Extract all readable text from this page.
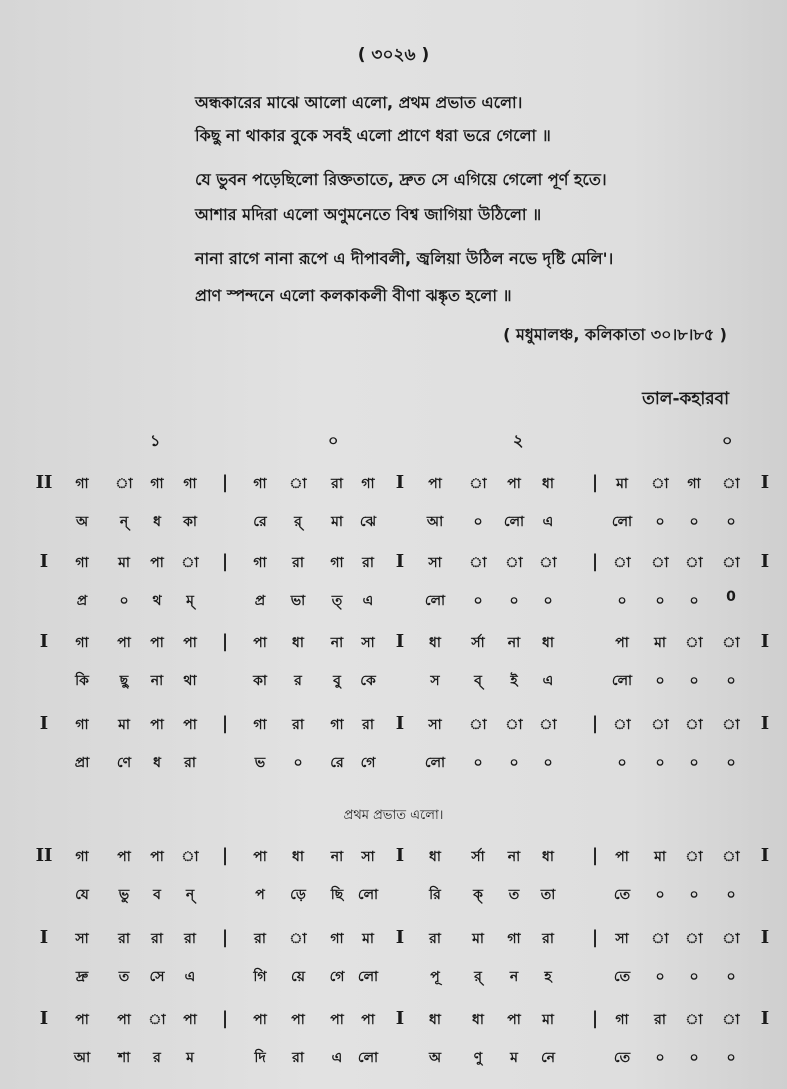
( ৩০২৬ )
অন্ধকারের মাঝে আলো এলো, প্রথম প্রভাত এলো।
কিছু না থাকার বুকে সবই এলো প্রাণে ধরা ভরে গেলো ॥
যে ভুবন পড়েছিলো রিক্ততাতে, দ্রুত সে এগিয়ে গেলো পূর্ণ হতে।
আশার মদিরা এলো অণুমনেতে বিশ্ব জাগিয়া উঠিলো ॥
নানা রাগে নানা রূপে এ দীপাবলী, জ্বলিয়া উঠিল নভে দৃষ্টি মেলি'।
প্রাণ স্পন্দনে এলো কলকাকলী বীণা ঝঙ্কৃত হলো ॥
( মধুমালঞ্চ, কলিকাতা ৩০।৮।৮৫ )
তাল-কহারবা
১	০	২	০
II গা া গা গা | গা া রা গা I পা া পা ধা | মা া গা া I
অ ন্ ধ কা	রে র্ মা ঝে	আ ০ লো এ	লো ০ ০ ০
I গা মা পা া | গা রা গা রা I সা া া া | া া া া I
প্র ০ থ ম্	প্র ভা ত্ এ	লো ০ ০ ০	০ ০ ০ 0
I গা পা পা পা | পা ধা না সা I ধা র্সা না ধা	পা মা া া I
কি ছু না থা	কা র বু কে	স ব্ ই এ	লো ০ ০ ০
I গা মা পা পা | গা রা গা রা I সা া া া | া া া া I
প্রা ণে ধ রা	ভ ০ রে গে	লো ০ ০ ০	০ ০ ০ ০
প্রথম প্রভাত এলো।
II গা পা পা া | পা ধা না সা I ধা র্সা না ধা | পা মা া া I
যে ভু ব ন্	প ড়ে ছি লো	রি ক্ ত তা	তে ০ ০ ০
I সা রা রা রা | রা া গা মা I রা মা গা রা | সা া া া I
দ্রু ত সে এ	গি য়ে গে লো	পূ র্ ন হ	তে ০ ০ ০
I পা পা া পা | পা পা পা পা I ধা ধা পা মা | গা রা া া I
আ শা র ম	দি রা এ লো	অ ণু ম নে	তে ০ ০ ০
